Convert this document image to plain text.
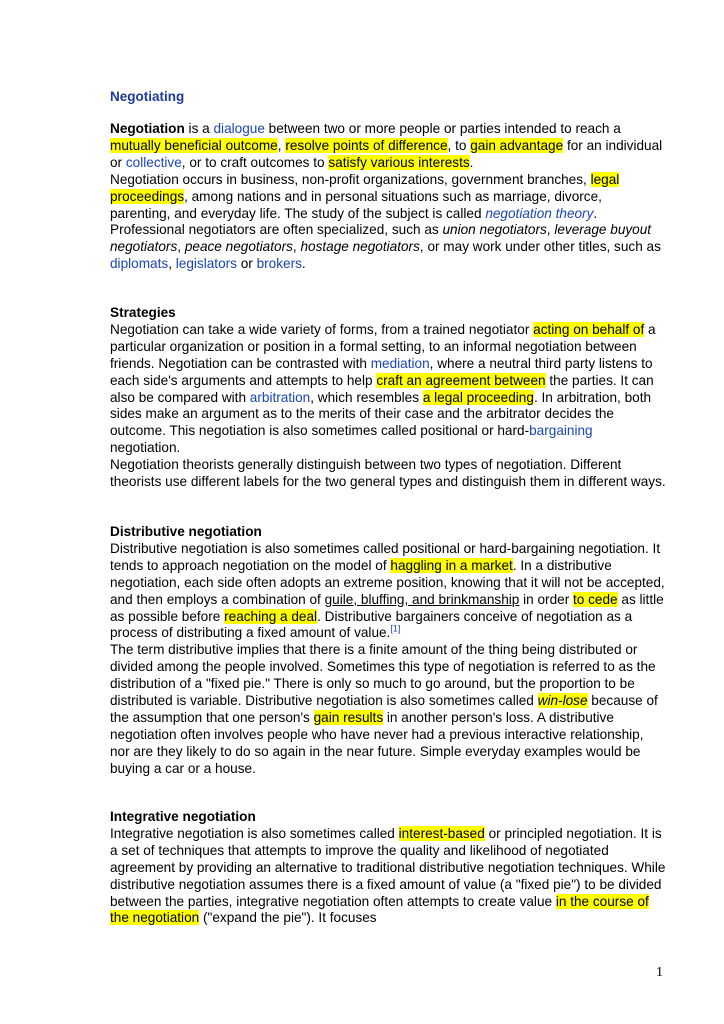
Negotiating
Negotiation is a dialogue between two or more people or parties intended to reach a mutually beneficial outcome, resolve points of difference, to gain advantage for an individual or collective, or to craft outcomes to satisfy various interests.
Negotiation occurs in business, non-profit organizations, government branches, legal proceedings, among nations and in personal situations such as marriage, divorce, parenting, and everyday life. The study of the subject is called negotiation theory. Professional negotiators are often specialized, such as union negotiators, leverage buyout negotiators, peace negotiators, hostage negotiators, or may work under other titles, such as diplomats, legislators or brokers.
Strategies
Negotiation can take a wide variety of forms, from a trained negotiator acting on behalf of a particular organization or position in a formal setting, to an informal negotiation between friends. Negotiation can be contrasted with mediation, where a neutral third party listens to each side's arguments and attempts to help craft an agreement between the parties. It can also be compared with arbitration, which resembles a legal proceeding. In arbitration, both sides make an argument as to the merits of their case and the arbitrator decides the outcome. This negotiation is also sometimes called positional or hard-bargaining negotiation.
Negotiation theorists generally distinguish between two types of negotiation. Different theorists use different labels for the two general types and distinguish them in different ways.
Distributive negotiation
Distributive negotiation is also sometimes called positional or hard-bargaining negotiation. It tends to approach negotiation on the model of haggling in a market. In a distributive negotiation, each side often adopts an extreme position, knowing that it will not be accepted, and then employs a combination of guile, bluffing, and brinkmanship in order to cede as little as possible before reaching a deal. Distributive bargainers conceive of negotiation as a process of distributing a fixed amount of value.[1]
The term distributive implies that there is a finite amount of the thing being distributed or divided among the people involved. Sometimes this type of negotiation is referred to as the distribution of a "fixed pie." There is only so much to go around, but the proportion to be distributed is variable. Distributive negotiation is also sometimes called win-lose because of the assumption that one person's gain results in another person's loss. A distributive negotiation often involves people who have never had a previous interactive relationship, nor are they likely to do so again in the near future. Simple everyday examples would be buying a car or a house.
Integrative negotiation
Integrative negotiation is also sometimes called interest-based or principled negotiation. It is a set of techniques that attempts to improve the quality and likelihood of negotiated agreement by providing an alternative to traditional distributive negotiation techniques. While distributive negotiation assumes there is a fixed amount of value (a "fixed pie") to be divided between the parties, integrative negotiation often attempts to create value in the course of the negotiation ("expand the pie"). It focuses
1
